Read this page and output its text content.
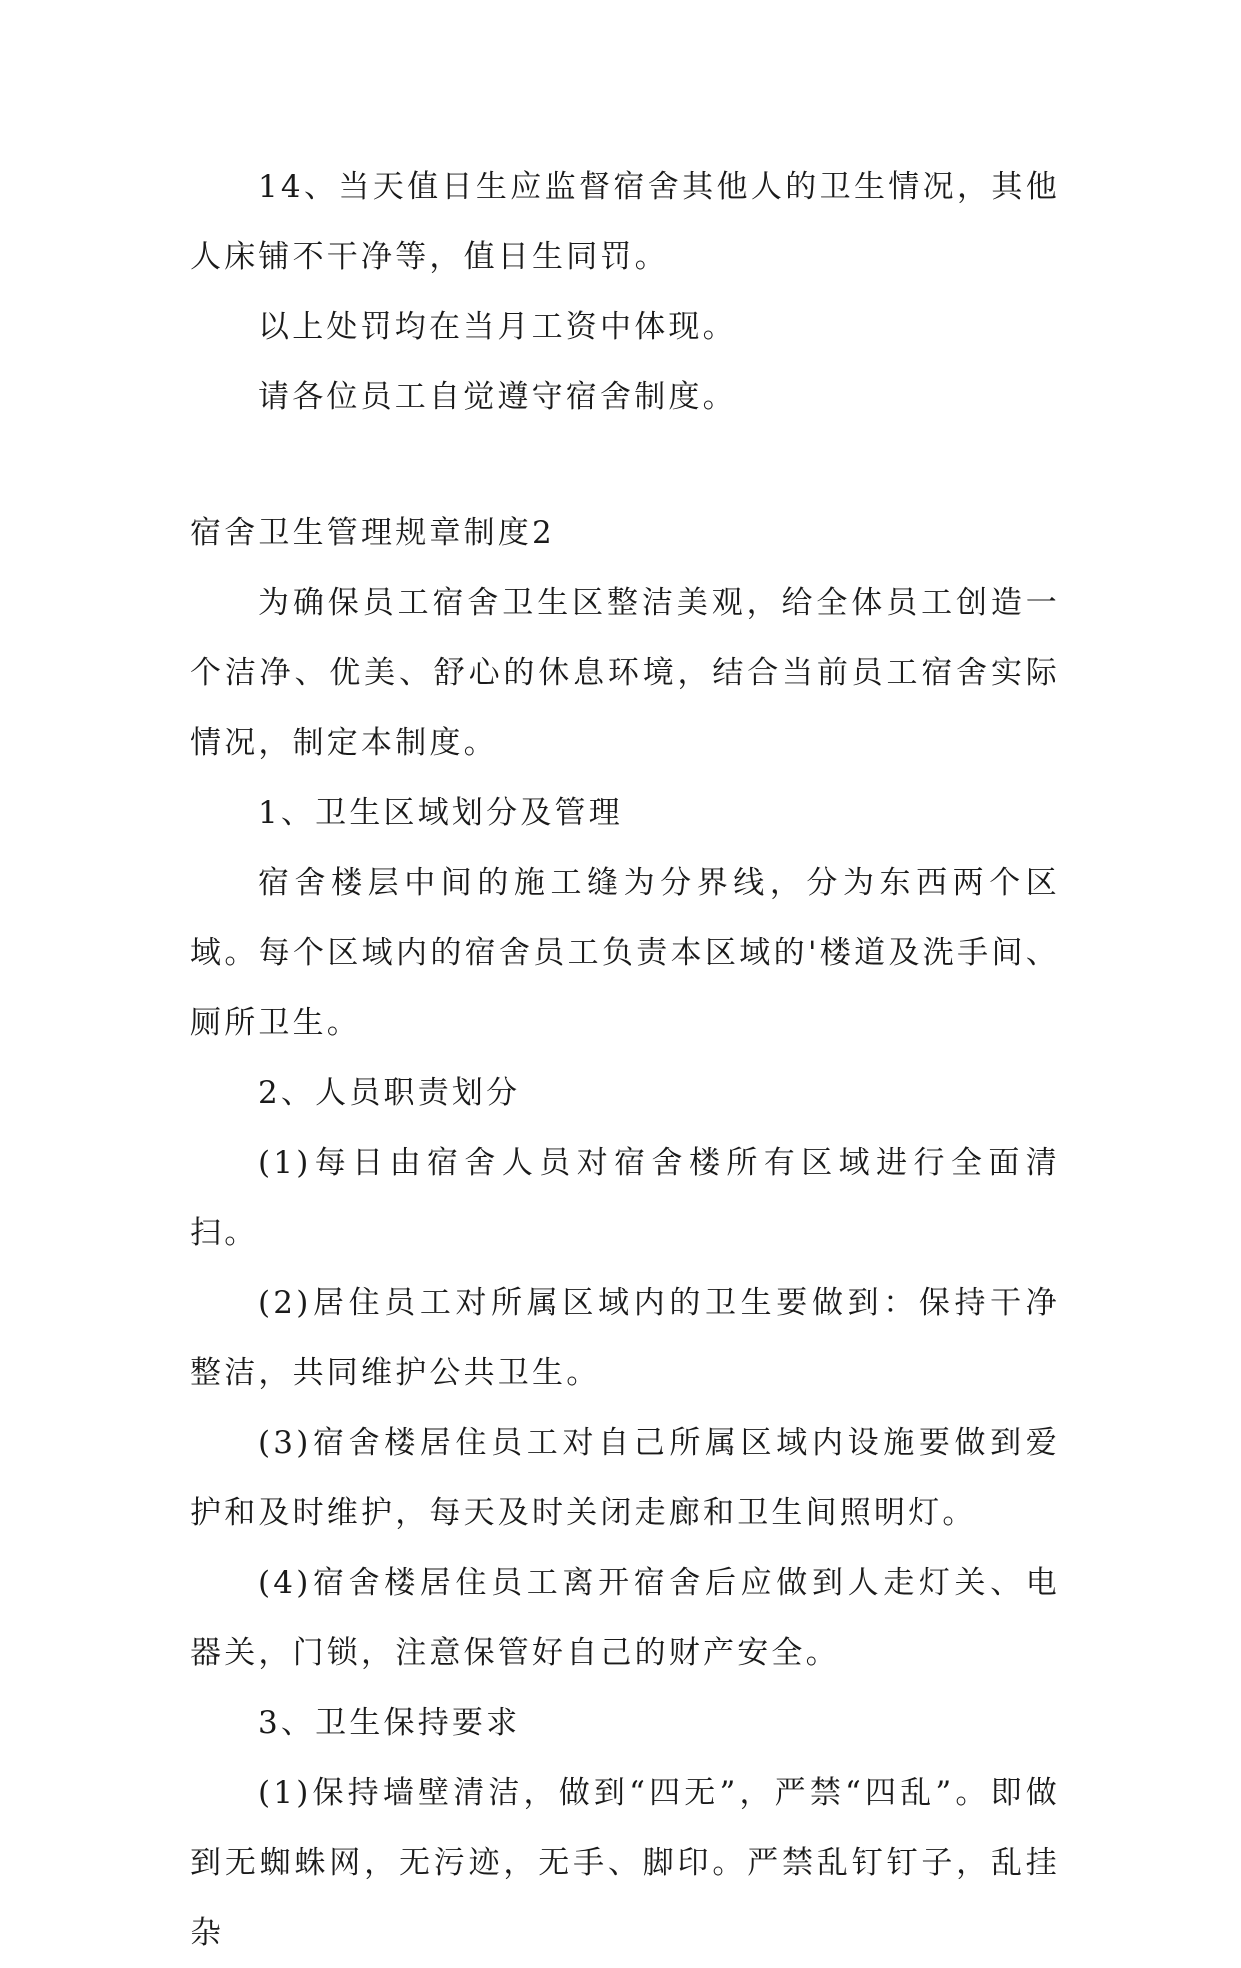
14、当天值日生应监督宿舍其他人的卫生情况，其他人床铺不干净等，值日生同罚。

以上处罚均在当月工资中体现。

请各位员工自觉遵守宿舍制度。

宿舍卫生管理规章制度2

为确保员工宿舍卫生区整洁美观，给全体员工创造一个洁净、优美、舒心的休息环境，结合当前员工宿舍实际情况，制定本制度。

1、卫生区域划分及管理

宿舍楼层中间的施工缝为分界线，分为东西两个区域。每个区域内的宿舍员工负责本区域的'楼道及洗手间、厕所卫生。

2、人员职责划分

(1)每日由宿舍人员对宿舍楼所有区域进行全面清扫。

(2)居住员工对所属区域内的卫生要做到：保持干净整洁，共同维护公共卫生。

(3)宿舍楼居住员工对自己所属区域内设施要做到爱护和及时维护，每天及时关闭走廊和卫生间照明灯。

(4)宿舍楼居住员工离开宿舍后应做到人走灯关、电器关，门锁，注意保管好自己的财产安全。

3、卫生保持要求

(1)保持墙壁清洁，做到“四无”，严禁“四乱”。即做到无蜘蛛网，无污迹，无手、脚印。严禁乱钉钉子，乱挂杂
